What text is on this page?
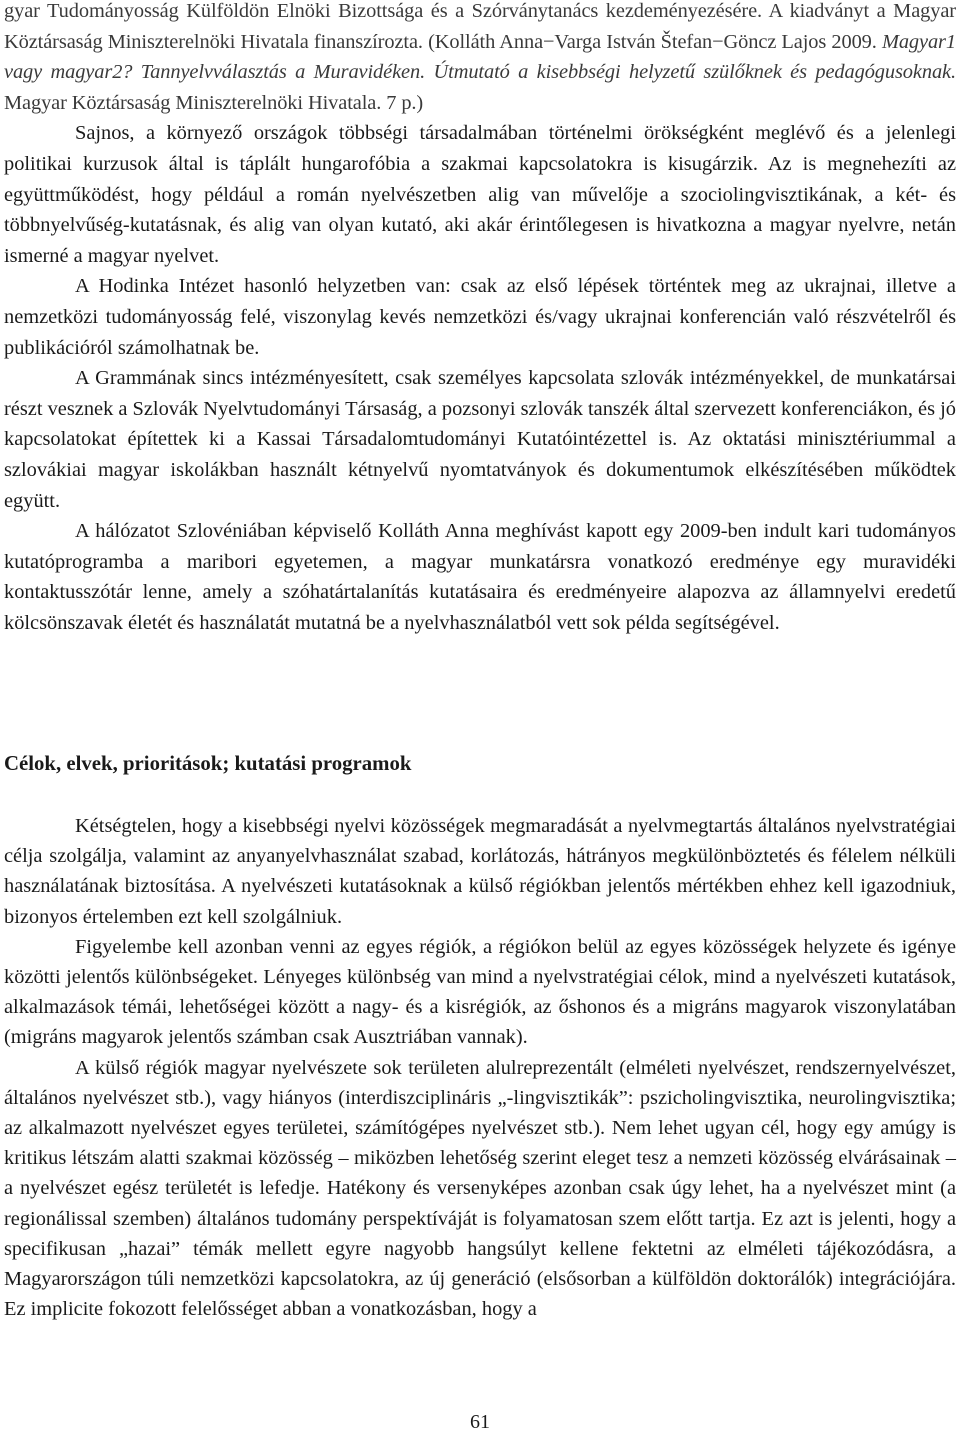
gyar Tudományosság Külföldön Elnöki Bizottsága és a Szórványtanács kezdeményezésére. A kiadványt a Magyar Köztársaság Miniszterelnöki Hivatala finanszírozta. (Kolláth Anna−Varga István Štefan−Göncz Lajos 2009. Magyar1 vagy magyar2? Tannyelvválasztás a Muravidéken. Útmutató a kisebbségi helyzetű szülőknek és pedagógusoknak. Magyar Köztársaság Miniszterelnöki Hivatala. 7 p.)

Sajnos, a környező országok többségi társadalmában történelmi örökségként meglévő és a jelenlegi politikai kurzusok által is táplált hungarofóbia a szakmai kapcsolatokra is kisugárzik. Az is megnehezíti az együttműködést, hogy például a román nyelvészetben alig van művelője a szociolingvisztikának, a két- és többnyelvűség-kutatásnak, és alig van olyan kutató, aki akár érintőlegesen is hivatkozna a magyar nyelvre, netán ismerné a magyar nyelvet.

A Hodinka Intézet hasonló helyzetben van: csak az első lépések történtek meg az ukrajnai, illetve a nemzetközi tudományosság felé, viszonylag kevés nemzetközi és/vagy ukrajnai konferencián való részvételről és publikációról számolhatnak be.

A Grammának sincs intézményesített, csak személyes kapcsolata szlovák intézményekkel, de munkatársai részt vesznek a Szlovák Nyelvtudományi Társaság, a pozsonyi szlovák tanszék által szervezett konferenciákon, és jó kapcsolatokat építettek ki a Kassai Társadalomtudományi Kutatóintézettel is. Az oktatási minisztériummal a szlovákiai magyar iskolákban használt kétnyelvű nyomtatványok és dokumentumok elkészítésében működtek együtt.

A hálózatot Szlovéniában képviselő Kolláth Anna meghívást kapott egy 2009-ben indult kari tudományos kutatóprogramba a maribori egyetemen, a magyar munkatársra vonatkozó eredménye egy muravidéki kontaktusszótár lenne, amely a szóhatártalanítás kutatásaira és eredményeire alapozva az államnyelvi eredetű kölcsönszavak életét és használatát mutatná be a nyelvhasználatból vett sok példa segítségével.

Célok, elvek, prioritások; kutatási programok

Kétségtelen, hogy a kisebbségi nyelvi közösségek megmaradását a nyelvmegtartás általános nyelvstratégiai célja szolgálja, valamint az anyanyelvhasználat szabad, korlátozás, hátrányos megkülönböztetés és félelem nélküli használatának biztosítása. A nyelvészeti kutatásoknak a külső régiókban jelentős mértékben ehhez kell igazodniuk, bizonyos értelemben ezt kell szolgálniuk.

Figyelembe kell azonban venni az egyes régiók, a régiókon belül az egyes közösségek helyzete és igénye közötti jelentős különbségeket. Lényeges különbség van mind a nyelvstratégiai célok, mind a nyelvészeti kutatások, alkalmazások témái, lehetőségei között a nagy- és a kisrégiók, az őshonos és a migráns magyarok viszonylatában (migráns magyarok jelentős számban csak Ausztriában vannak).

A külső régiók magyar nyelvészete sok területen alulreprezentált (elméleti nyelvészet, rendszernyelvészet, általános nyelvészet stb.), vagy hiányos (interdiszciplináris „-lingvisztikák”: pszicholingvisztika, neurolingvisztika; az alkalmazott nyelvészet egyes területei, számítógépes nyelvészet stb.). Nem lehet ugyan cél, hogy egy amúgy is kritikus létszám alatti szakmai közösség – miközben lehetőség szerint eleget tesz a nemzeti közösség elvárásainak – a nyelvészet egész területét is lefedje. Hatékony és versenyképes azonban csak úgy lehet, ha a nyelvészet mint (a regionálissal szemben) általános tudomány perspektíváját is folyamatosan szem előtt tartja. Ez azt is jelenti, hogy a specifikusan „hazai” témák mellett egyre nagyobb hangsúlyt kellene fektetni az elméleti tájékozódásra, a Magyarországon túli nemzetközi kapcsolatokra, az új generáció (elsősorban a külföldön doktorálók) integrációjára. Ez implicite fokozott felelősséget abban a vonatkozásban, hogy a

61
